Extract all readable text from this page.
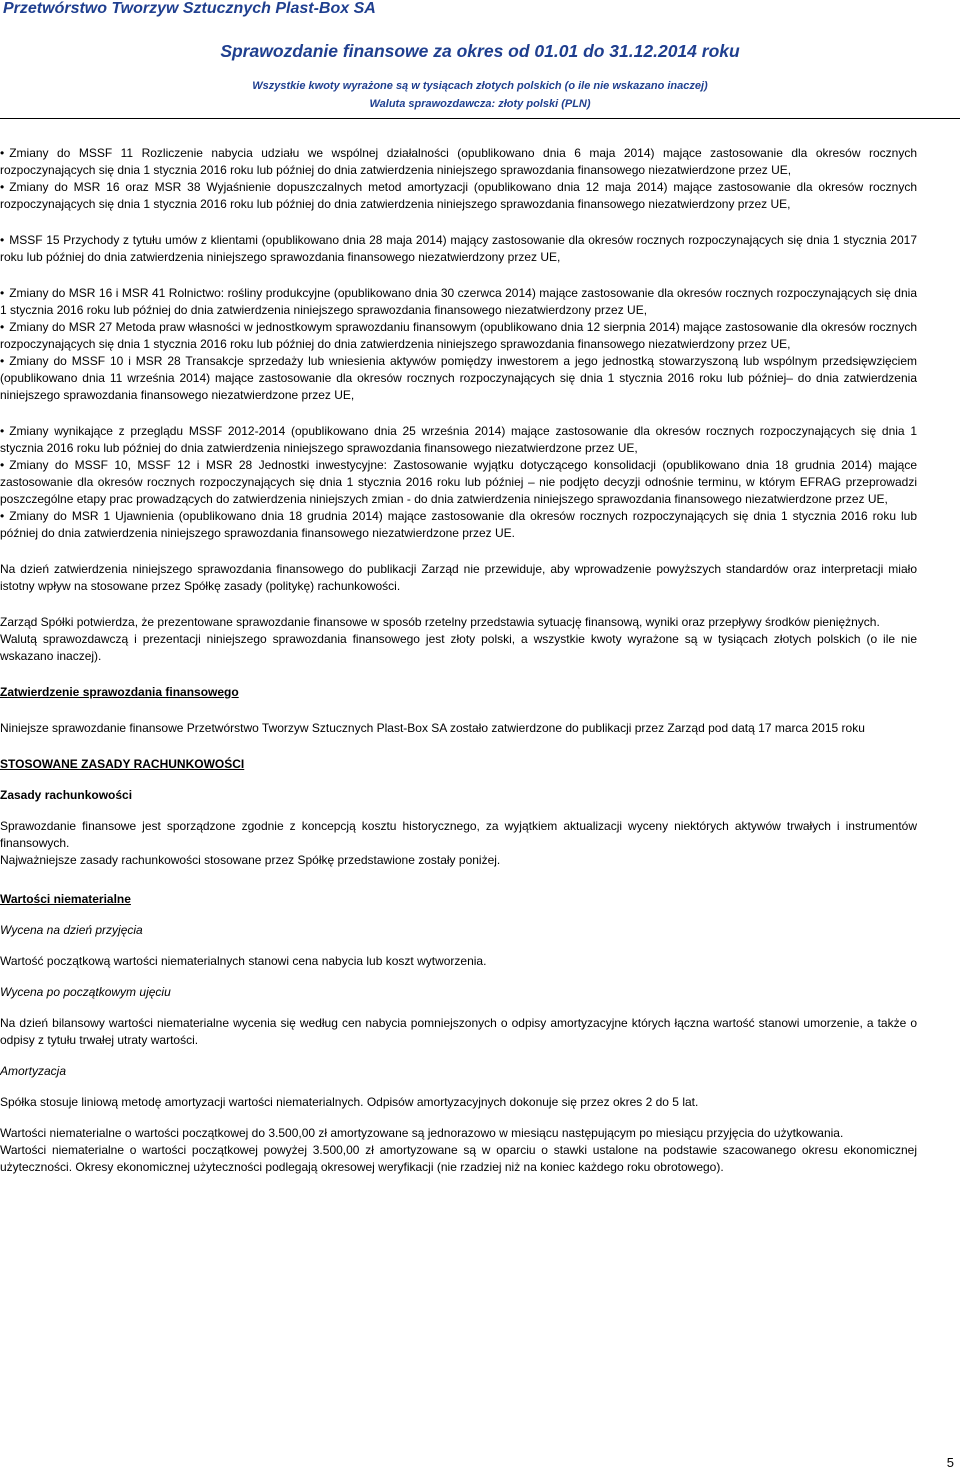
Przetwórstwo Tworzyw Sztucznych Plast-Box SA
Sprawozdanie finansowe za okres od 01.01 do 31.12.2014 roku
Wszystkie kwoty wyrażone są w tysiącach złotych polskich (o ile nie wskazano inaczej)
Waluta sprawozdawcza: złoty polski (PLN)

• Zmiany do MSSF 11 Rozliczenie nabycia udziału we wspólnej działalności (opublikowano dnia 6 maja 2014) mające zastosowanie dla okresów rocznych rozpoczynających się dnia 1 stycznia 2016 roku lub później do dnia zatwierdzenia niniejszego sprawozdania finansowego niezatwierdzone przez UE,

• Zmiany do MSR 16 oraz MSR 38 Wyjaśnienie dopuszczalnych metod amortyzacji (opublikowano dnia 12 maja 2014) mające zastosowanie dla okresów rocznych rozpoczynających się dnia 1 stycznia 2016 roku lub później do dnia zatwierdzenia niniejszego sprawozdania finansowego niezatwierdzony przez UE,

• MSSF 15 Przychody z tytułu umów z klientami (opublikowano dnia 28 maja 2014) mający zastosowanie dla okresów rocznych rozpoczynających się dnia 1 stycznia 2017 roku lub później do dnia zatwierdzenia niniejszego sprawozdania finansowego niezatwierdzony przez UE,

• Zmiany do MSR 16 i MSR 41 Rolnictwo: rośliny produkcyjne (opublikowano dnia 30 czerwca 2014) mające zastosowanie dla okresów rocznych rozpoczynających się dnia 1 stycznia 2016 roku lub później do dnia zatwierdzenia niniejszego sprawozdania finansowego niezatwierdzony przez UE,

• Zmiany do MSR 27 Metoda praw własności w jednostkowym sprawozdaniu finansowym (opublikowano dnia 12 sierpnia 2014) mające zastosowanie dla okresów rocznych rozpoczynających się dnia 1 stycznia 2016 roku lub później do dnia zatwierdzenia niniejszego sprawozdania finansowego niezatwierdzony przez UE,

• Zmiany do MSSF 10 i MSR 28 Transakcje sprzedaży lub wniesienia aktywów pomiędzy inwestorem a jego jednostką stowarzyszoną lub wspólnym przedsięwzięciem (opublikowano dnia 11 września 2014) mające zastosowanie dla okresów rocznych rozpoczynających się dnia 1 stycznia 2016 roku lub później– do dnia zatwierdzenia niniejszego sprawozdania finansowego niezatwierdzone przez UE,

• Zmiany wynikające z przeglądu MSSF 2012-2014 (opublikowano dnia 25 września 2014) mające zastosowanie dla okresów rocznych rozpoczynających się dnia 1 stycznia 2016 roku lub później do dnia zatwierdzenia niniejszego sprawozdania finansowego niezatwierdzone przez UE,

• Zmiany do MSSF 10, MSSF 12 i MSR 28 Jednostki inwestycyjne: Zastosowanie wyjątku dotyczącego konsolidacji (opublikowano dnia 18 grudnia 2014) mające zastosowanie dla okresów rocznych rozpoczynających się dnia 1 stycznia 2016 roku lub później – nie podjęto decyzji odnośnie terminu, w którym EFRAG przeprowadzi poszczególne etapy prac prowadzących do zatwierdzenia niniejszych zmian - do dnia zatwierdzenia niniejszego sprawozdania finansowego niezatwierdzone przez UE,

• Zmiany do MSR 1 Ujawnienia (opublikowano dnia 18 grudnia 2014) mające zastosowanie dla okresów rocznych rozpoczynających się dnia 1 stycznia 2016 roku lub później do dnia zatwierdzenia niniejszego sprawozdania finansowego niezatwierdzone przez UE.

Na dzień zatwierdzenia niniejszego sprawozdania finansowego do publikacji Zarząd nie przewiduje, aby wprowadzenie powyższych standardów oraz interpretacji miało istotny wpływ na stosowane przez Spółkę zasady (politykę) rachunkowości.

Zarząd Spółki potwierdza, że prezentowane sprawozdanie finansowe w sposób rzetelny przedstawia sytuację finansową, wyniki oraz przepływy środków pieniężnych.

Walutą sprawozdawczą i prezentacji niniejszego sprawozdania finansowego jest złoty polski, a wszystkie kwoty wyrażone są w tysiącach złotych polskich (o ile nie wskazano inaczej).

Zatwierdzenie sprawozdania finansowego

Niniejsze sprawozdanie finansowe Przetwórstwo Tworzyw Sztucznych Plast-Box SA zostało zatwierdzone do publikacji przez Zarząd pod datą 17 marca 2015 roku

STOSOWANE ZASADY RACHUNKOWOŚCI

Zasady rachunkowości

Sprawozdanie finansowe jest sporządzone zgodnie z koncepcją kosztu historycznego, za wyjątkiem aktualizacji wyceny niektórych aktywów trwałych i instrumentów finansowych.

Najważniejsze zasady rachunkowości stosowane przez Spółkę przedstawione zostały poniżej.

Wartości niematerialne

Wycena na dzień przyjęcia

Wartość początkową wartości niematerialnych stanowi cena nabycia lub koszt wytworzenia.

Wycena po początkowym ujęciu

Na dzień bilansowy wartości niematerialne wycenia się według cen nabycia pomniejszonych o odpisy amortyzacyjne których łączna wartość stanowi umorzenie, a także o odpisy z tytułu trwałej utraty wartości.

Amortyzacja

Spółka stosuje liniową metodę amortyzacji wartości niematerialnych. Odpisów amortyzacyjnych dokonuje się przez okres 2 do 5 lat.

Wartości niematerialne o wartości początkowej do 3.500,00 zł amortyzowane są jednorazowo w miesiącu następującym po miesiącu przyjęcia do użytkowania.

Wartości niematerialne o wartości początkowej powyżej 3.500,00 zł amortyzowane są w oparciu o stawki ustalone na podstawie szacowanego okresu ekonomicznej użyteczności. Okresy ekonomicznej użyteczności podlegają okresowej weryfikacji (nie rzadziej niż na koniec każdego roku obrotowego).

5
